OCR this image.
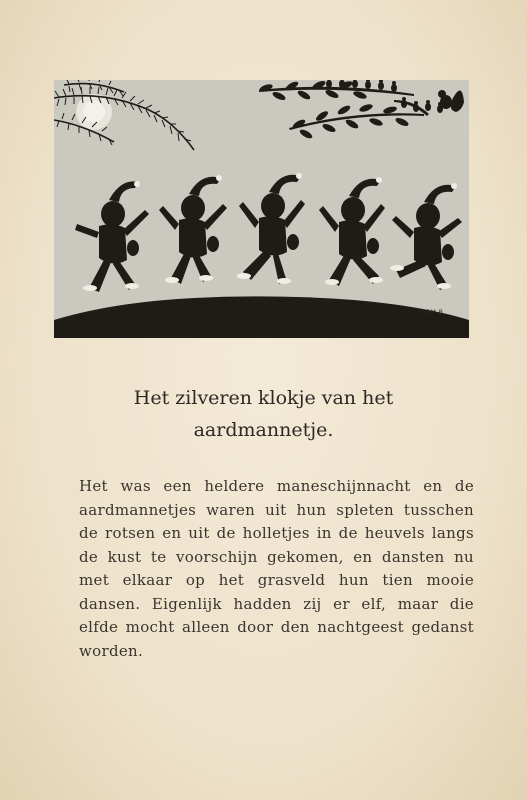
BM-B
Het zilveren klokje van het
aardmannetje.
Het was een heldere maneschijnnacht en de
aardmannetjes waren uit hun spleten tusschen
de rotsen en uit de holletjes in de heuvels langs
de kust te voorschijn gekomen, en dansten nu
met elkaar op het grasveld hun tien mooie
dansen. Eigenlijk hadden zij er elf, maar die
elfde mocht alleen door den nachtgeest gedanst
worden.
